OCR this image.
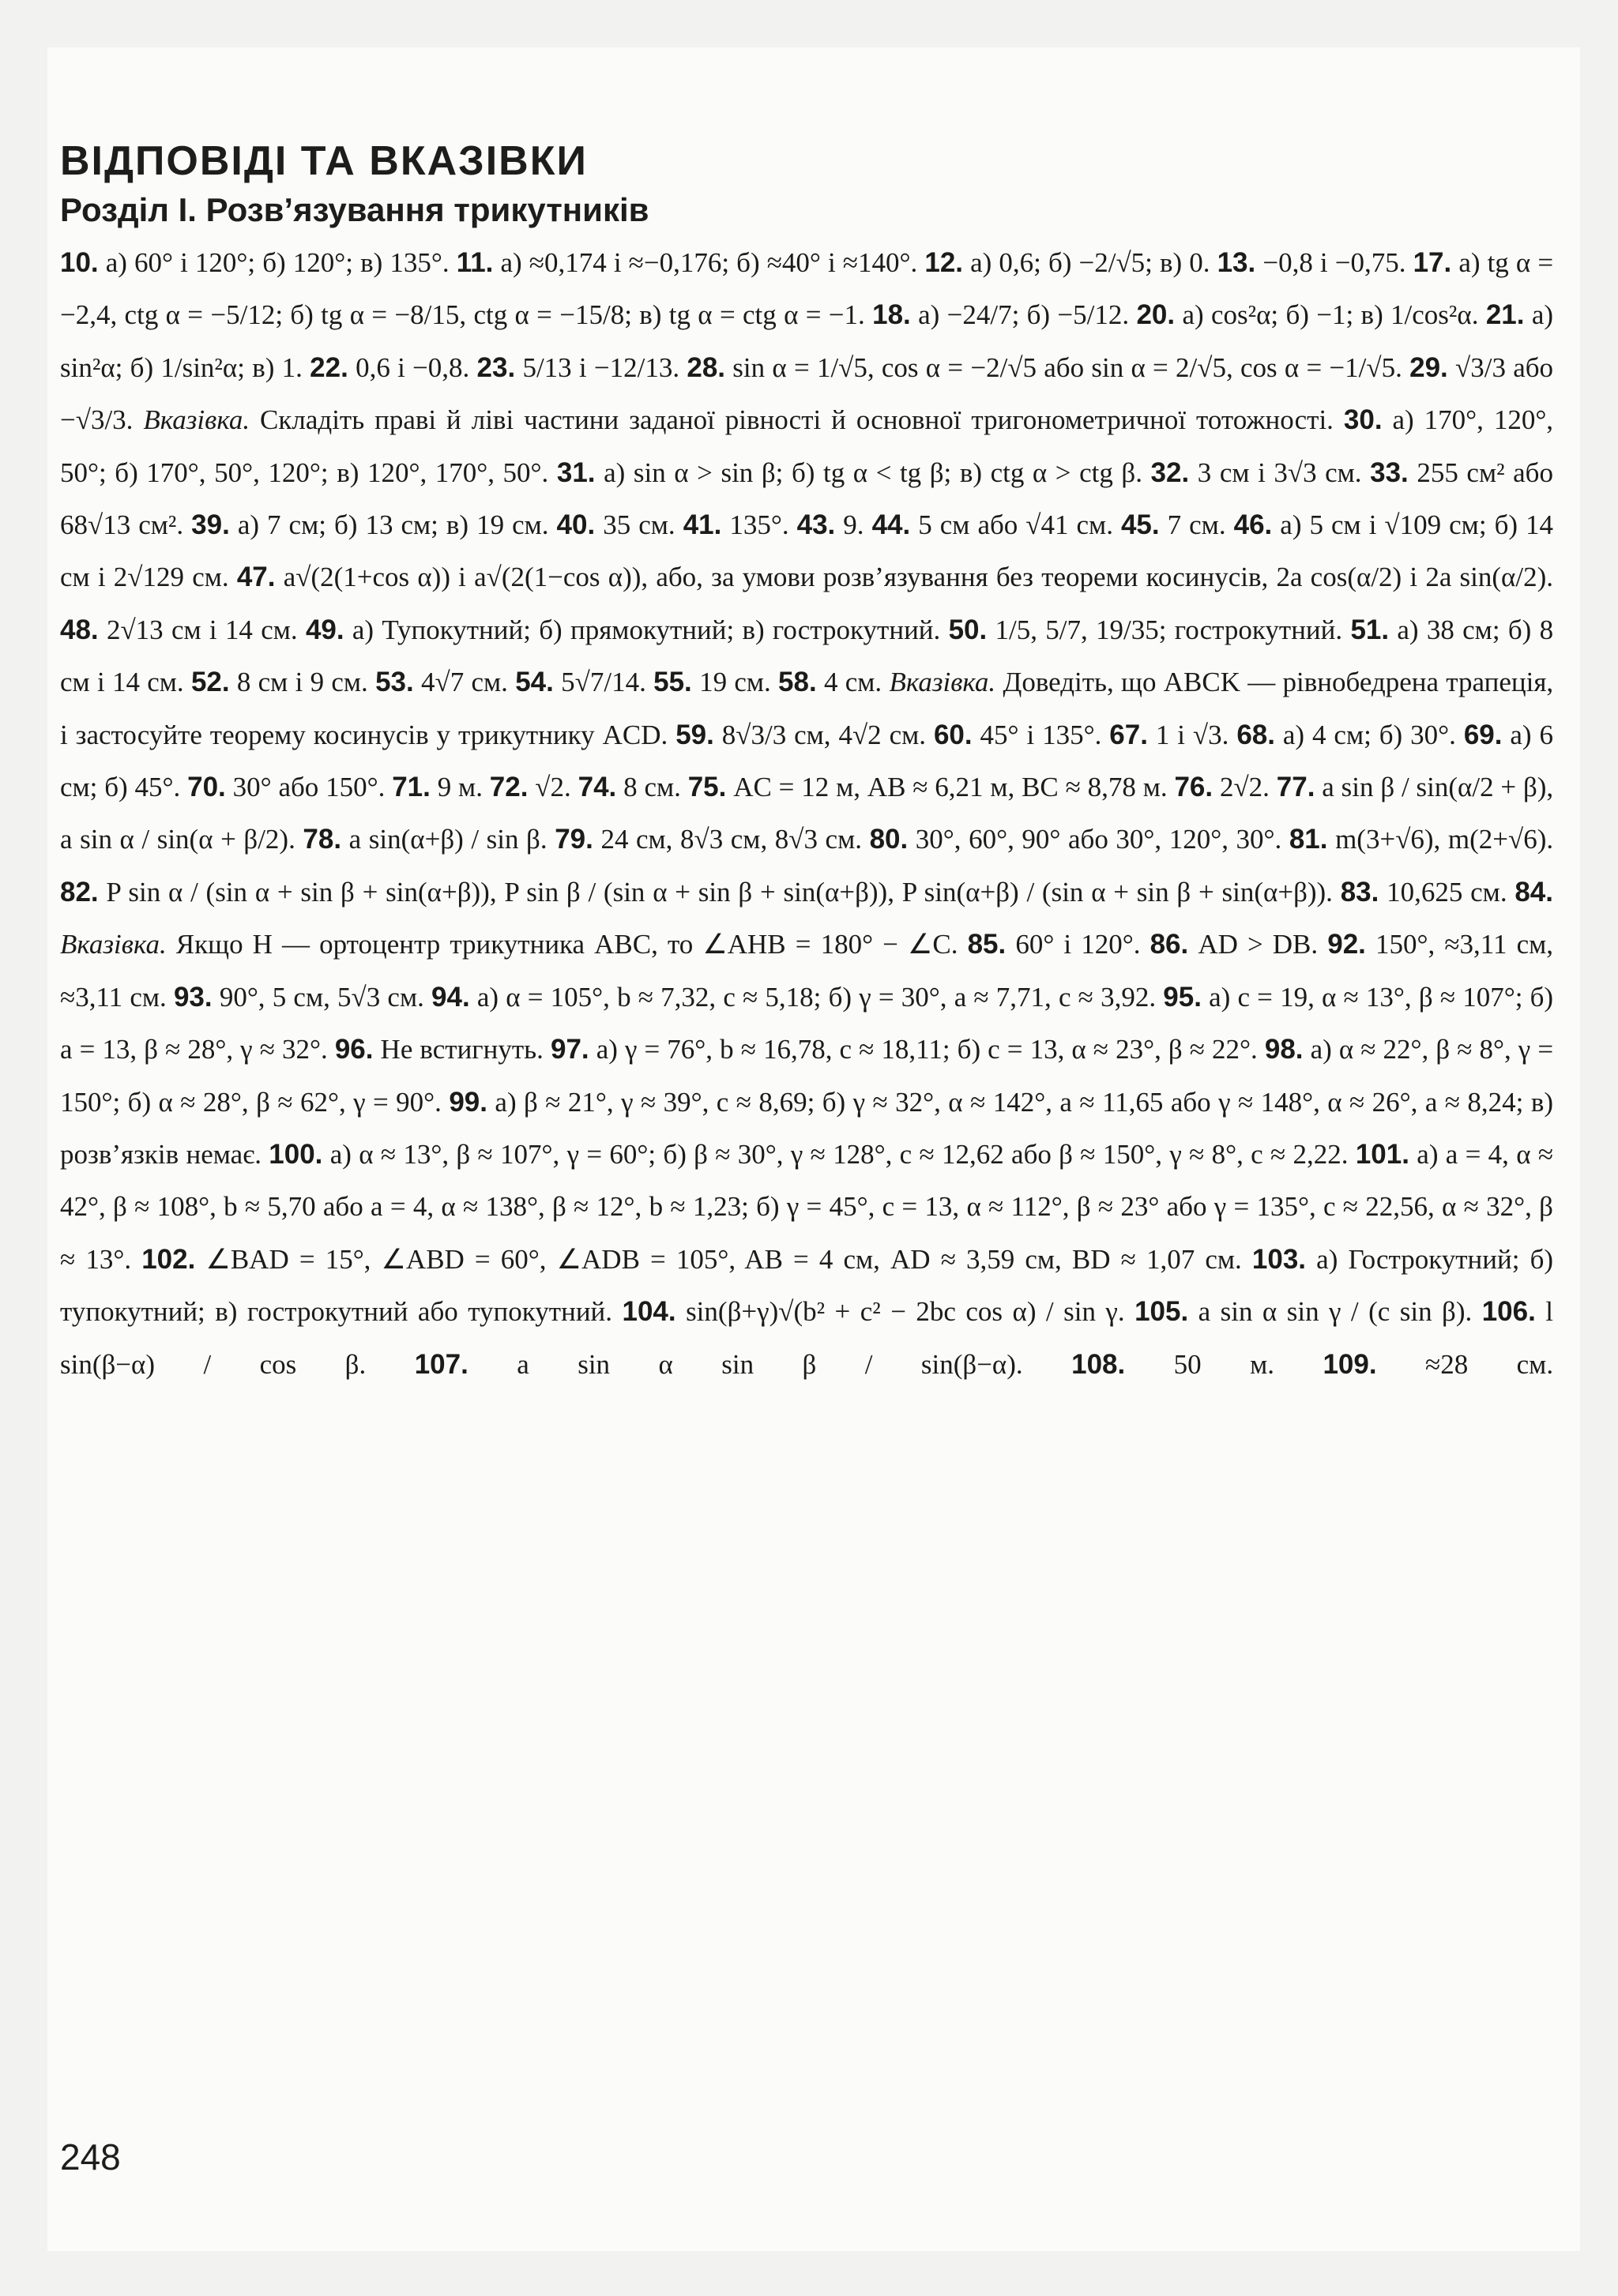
ВІДПОВІДІ ТА ВКАЗІВКИ
Розділ І. Розв’язування трикутників

10. а) 60° і 120°; б) 120°; в) 135°. 11. а) ≈0,174 і ≈−0,176; б) ≈40° і ≈140°. 12. а) 0,6; б) −2/√5; в) 0. 13. −0,8 і −0,75. 17. а) tg α = −2,4, ctg α = −5/12; б) tg α = −8/15, ctg α = −15/8; в) tg α = ctg α = −1. 18. а) −24/7; б) −5/12. 20. а) cos²α; б) −1; в) 1/cos²α. 21. а) sin²α; б) 1/sin²α; в) 1. 22. 0,6 і −0,8. 23. 5/13 і −12/13. 28. sin α = 1/√5, cos α = −2/√5 або sin α = 2/√5, cos α = −1/√5. 29. √3/3 або −√3/3. Вказівка. Складіть праві й ліві частини заданої рівності й основної тригонометричної тотожності. 30. а) 170°, 120°, 50°; б) 170°, 50°, 120°; в) 120°, 170°, 50°. 31. а) sin α > sin β; б) tg α < tg β; в) ctg α > ctg β. 32. 3 см і 3√3 см. 33. 255 см² або 68√13 см². 39. а) 7 см; б) 13 см; в) 19 см. 40. 35 см. 41. 135°. 43. 9. 44. 5 см або √41 см. 45. 7 см. 46. а) 5 см і √109 см; б) 14 см і 2√129 см. 47. a√(2(1+cos α)) і a√(2(1−cos α)), або, за умови розв’язування без теореми косинусів, 2a cos(α/2) і 2a sin(α/2). 48. 2√13 см і 14 см. 49. а) Тупокутний; б) прямокутний; в) гострокутний. 50. 1/5, 5/7, 19/35; гострокутний. 51. а) 38 см; б) 8 см і 14 см. 52. 8 см і 9 см. 53. 4√7 см. 54. 5√7/14. 55. 19 см. 58. 4 см. Вказівка. Доведіть, що ABCK — рівнобедрена трапеція, і застосуйте теорему косинусів у трикутнику ACD. 59. 8√3/3 см, 4√2 см. 60. 45° і 135°. 67. 1 і √3. 68. а) 4 см; б) 30°. 69. а) 6 см; б) 45°. 70. 30° або 150°. 71. 9 м. 72. √2. 74. 8 см. 75. AC = 12 м, AB ≈ 6,21 м, BC ≈ 8,78 м. 76. 2√2. 77. a sin β / sin(α/2 + β), a sin α / sin(α + β/2). 78. a sin(α+β) / sin β. 79. 24 см, 8√3 см, 8√3 см. 80. 30°, 60°, 90° або 30°, 120°, 30°. 81. m(3+√6), m(2+√6). 82. P sin α / (sin α + sin β + sin(α+β)), P sin β / (sin α + sin β + sin(α+β)), P sin(α+β) / (sin α + sin β + sin(α+β)). 83. 10,625 см. 84. Вказівка. Якщо H — ортоцентр трикутника ABC, то ∠AHB = 180° − ∠C. 85. 60° і 120°. 86. AD > DB. 92. 150°, ≈3,11 см, ≈3,11 см. 93. 90°, 5 см, 5√3 см. 94. а) α = 105°, b ≈ 7,32, c ≈ 5,18; б) γ = 30°, a ≈ 7,71, c ≈ 3,92. 95. а) c = 19, α ≈ 13°, β ≈ 107°; б) a = 13, β ≈ 28°, γ ≈ 32°. 96. Не встигнуть. 97. а) γ = 76°, b ≈ 16,78, c ≈ 18,11; б) c = 13, α ≈ 23°, β ≈ 22°. 98. а) α ≈ 22°, β ≈ 8°, γ = 150°; б) α ≈ 28°, β ≈ 62°, γ = 90°. 99. а) β ≈ 21°, γ ≈ 39°, c ≈ 8,69; б) γ ≈ 32°, α ≈ 142°, a ≈ 11,65 або γ ≈ 148°, α ≈ 26°, a ≈ 8,24; в) розв’язків немає. 100. а) α ≈ 13°, β ≈ 107°, γ = 60°; б) β ≈ 30°, γ ≈ 128°, c ≈ 12,62 або β ≈ 150°, γ ≈ 8°, c ≈ 2,22. 101. а) a = 4, α ≈ 42°, β ≈ 108°, b ≈ 5,70 або a = 4, α ≈ 138°, β ≈ 12°, b ≈ 1,23; б) γ = 45°, c = 13, α ≈ 112°, β ≈ 23° або γ = 135°, c ≈ 22,56, α ≈ 32°, β ≈ 13°. 102. ∠BAD = 15°, ∠ABD = 60°, ∠ADB = 105°, AB = 4 см, AD ≈ 3,59 см, BD ≈ 1,07 см. 103. а) Гострокутний; б) тупокутний; в) гострокутний або тупокутний. 104. sin(β+γ)√(b² + c² − 2bc cos α) / sin γ. 105. a sin α sin γ / (c sin β). 106. l sin(β−α) / cos β. 107. a sin α sin β / sin(β−α). 108. 50 м. 109. ≈28 см.

248
